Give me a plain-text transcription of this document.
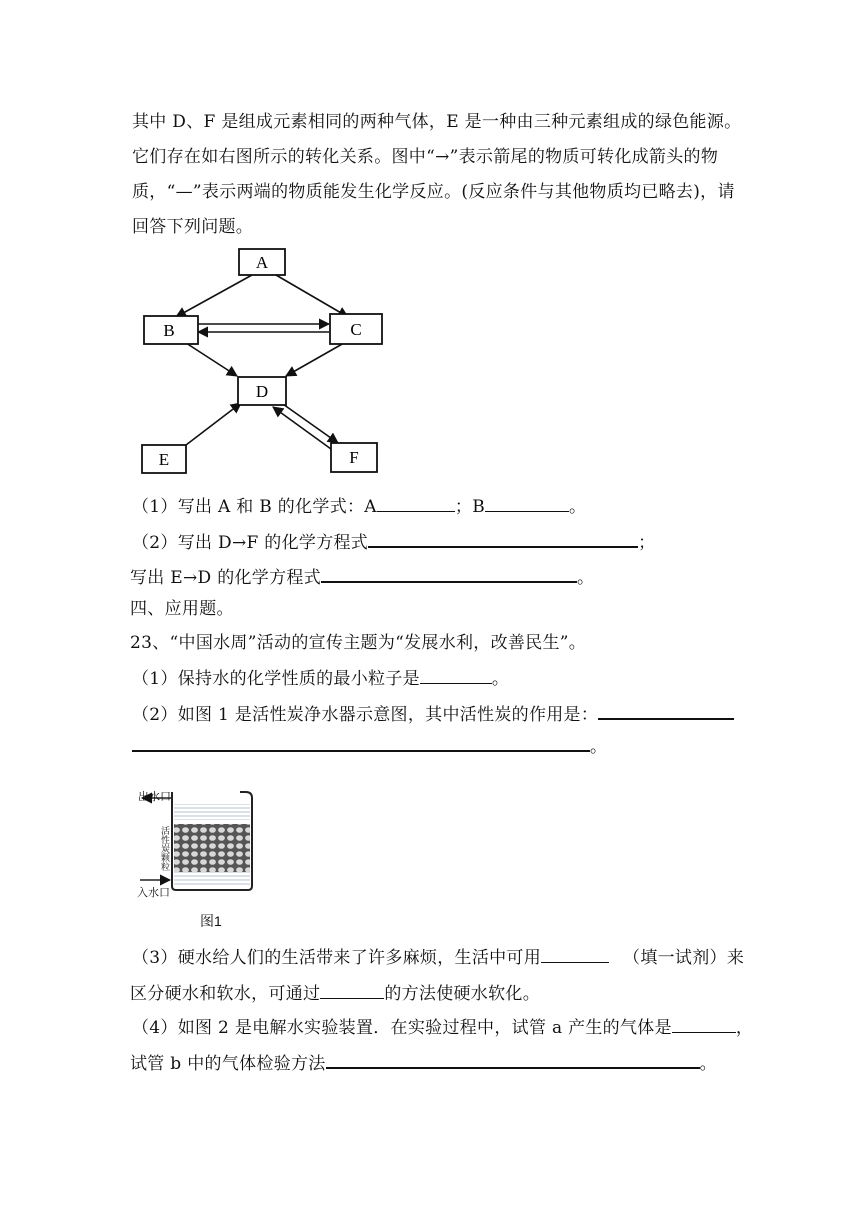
其中 D、F 是组成元素相同的两种气体，E 是一种由三种元素组成的绿色能源。
它们存在如右图所示的转化关系。图中“→”表示箭尾的物质可转化成箭头的物
质，“—”表示两端的物质能发生化学反应。(反应条件与其他物质均已略去)，请
回答下列问题。
A
B	C
D
E	F
（1）写出 A 和 B 的化学式：A	；B	。
（2）写出 D→F 的化学方程式	；
写出 E→D 的化学方程式	。
四、应用题。
23、“中国水周”活动的宣传主题为“发展水利，改善民生”。
（1）保持水的化学性质的最小粒子是	。
（2）如图 1 是活性炭净水器示意图，其中活性炭的作用是：
。
出水口
入水口
活性炭颗粒
图1
（3）硬水给人们的生活带来了许多麻烦，生活中可用	（填一试剂）来
区分硬水和软水，可通过	的方法使硬水软化。
（4）如图 2 是电解水实验装置．在实验过程中，试管 a 产生的气体是	，
试管 b 中的气体检验方法	。
